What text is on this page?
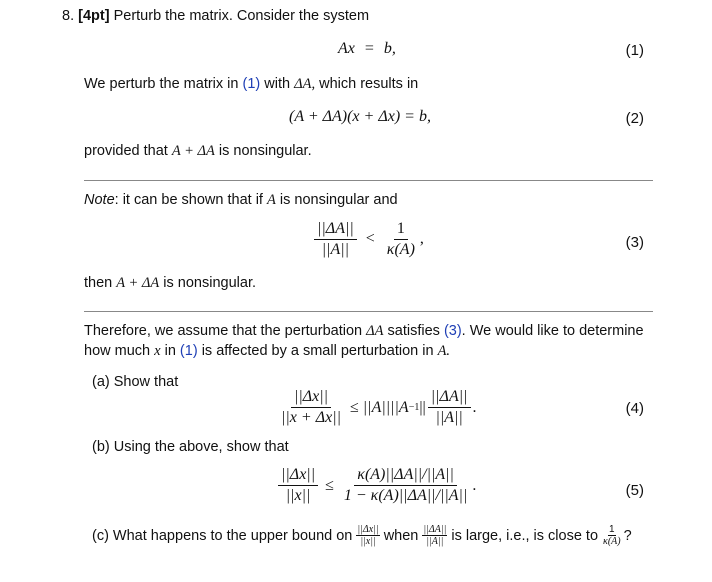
8. [4pt] Perturb the matrix. Consider the system
Ax = b,	(1)
We perturb the matrix in (1) with ΔA, which results in
(A + ΔA)(x + Δx) = b,	(2)
provided that A + ΔA is nonsingular.
Note: it can be shown that if A is nonsingular and
$\frac{||\Delta A||}{||A||} < \frac{1}{\kappa(A)}$ ,	(3)
then A + ΔA is nonsingular.
Therefore, we assume that the perturbation ΔA satisfies (3). We would like to determine
how much x in (1) is affected by a small perturbation in A.
(a) Show that
$\frac{||\Delta x||}{||x + \Delta x||} \le ||A||||A -1$ || $\frac{||\Delta A||}{||A||}$ .	(4)
(b) Using the above, show that
$\frac{||\Delta x||}{||x||} \le \frac{\kappa(A)||\Delta A||/||A||}{1 - \kappa(A)||\Delta A||/||A||}$ .	(5)
(c) What happens to the upper bound on $\frac{||\Delta x||}{||x||}$ when $\frac{||\Delta A||}{||A||}$ is large, i.e., is close to $\frac{1}{\kappa(A)}$ ?
